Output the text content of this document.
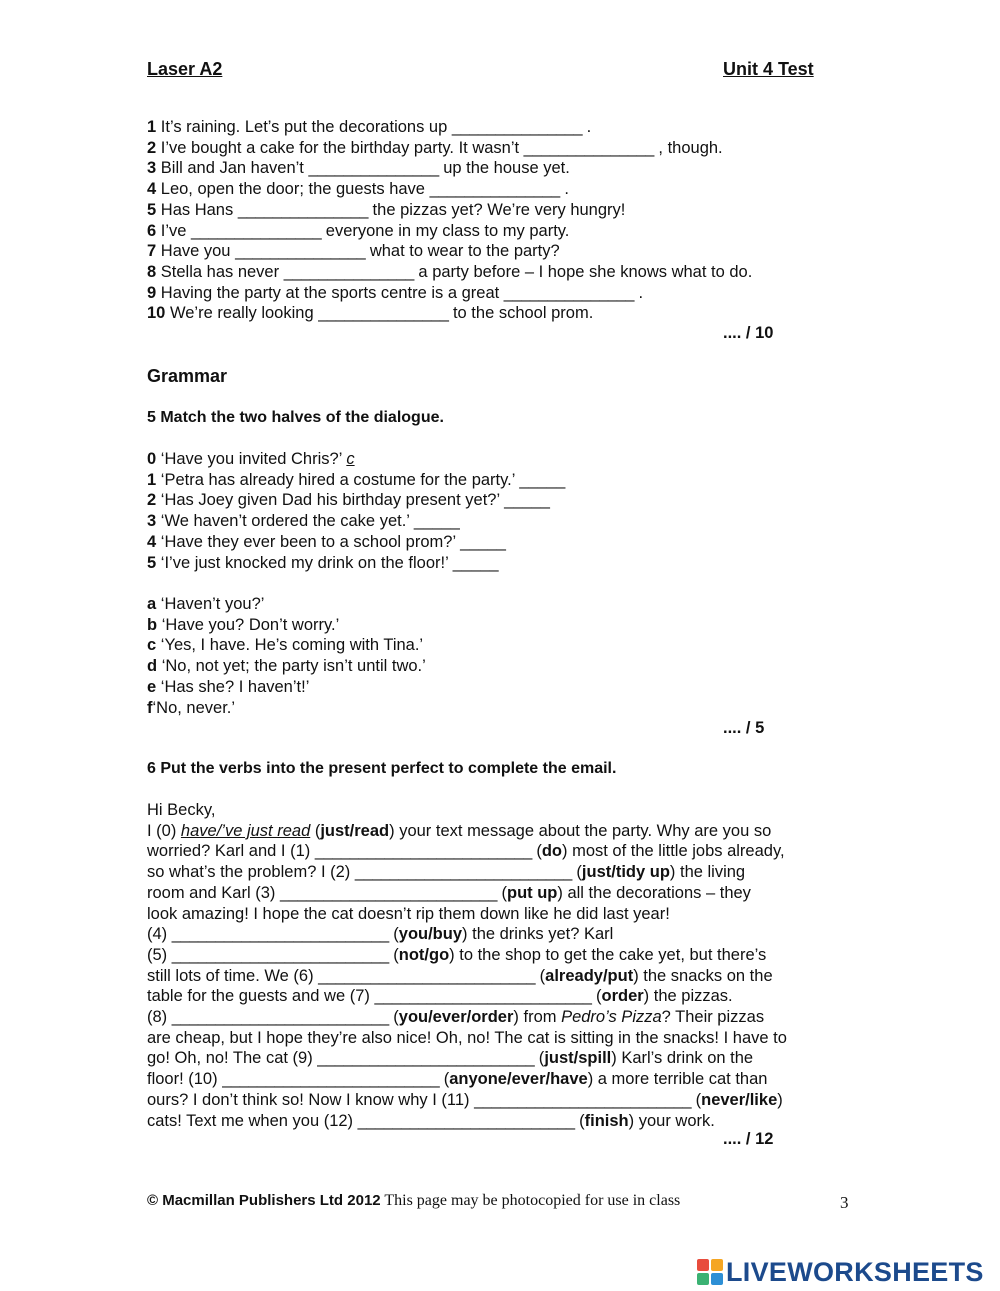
Laser A2	Unit 4 Test

1 It’s raining. Let’s put the decorations up _______________ .
2 I’ve bought a cake for the birthday party. It wasn’t _______________ , though.
3 Bill and Jan haven’t _______________ up the house yet.
4 Leo, open the door; the guests have _______________ .
5 Has Hans _______________ the pizzas yet? We’re very hungry!
6 I’ve _______________ everyone in my class to my party.
7 Have you _______________ what to wear to the party?
8 Stella has never _______________ a party before – I hope she knows what to do.
9 Having the party at the sports centre is a great _______________ .
10 We’re really looking _______________ to the school prom.

.... / 10

Grammar

5 Match the two halves of the dialogue.

0 ‘Have you invited Chris?’ c
1 ‘Petra has already hired a costume for the party.’ _____
2 ‘Has Joey given Dad his birthday present yet?’ _____
3 ‘We haven’t ordered the cake yet.’ _____
4 ‘Have they ever been to a school prom?’ _____
5 ‘I’ve just knocked my drink on the floor!’ _____
a ‘Haven’t you?’
b ‘Have you? Don’t worry.’
c ‘Yes, I have. He’s coming with Tina.’
d ‘No, not yet; the party isn’t until two.’
e ‘Has she? I haven’t!’
f‘No, never.’

.... / 5

6 Put the verbs into the present perfect to complete the email.

Hi Becky,
I (0) have/’ve just read (just/read) your text message about the party. Why are you so
worried? Karl and I (1) _________________________ (do) most of the little jobs already,
so what’s the problem? I (2) _________________________ (just/tidy up) the living
room and Karl (3) _________________________ (put up) all the decorations – they
look amazing! I hope the cat doesn’t rip them down like he did last year!
(4) _________________________ (you/buy) the drinks yet? Karl
(5) _________________________ (not/go) to the shop to get the cake yet, but there’s
still lots of time. We (6) _________________________ (already/put) the snacks on the
table for the guests and we (7) _________________________ (order) the pizzas.
(8) _________________________ (you/ever/order) from Pedro’s Pizza? Their pizzas
are cheap, but I hope they’re also nice! Oh, no! The cat is sitting in the snacks! I have to
go! Oh, no! The cat (9) _________________________ (just/spill) Karl’s drink on the
floor! (10) _________________________ (anyone/ever/have) a more terrible cat than
ours? I don’t think so! Now I know why I (11) _________________________ (never/like)
cats! Text me when you (12) _________________________ (finish) your work.

.... / 12

© Macmillan Publishers Ltd 2012 This page may be photocopied for use in class	3

LIVEWORKSHEETS
